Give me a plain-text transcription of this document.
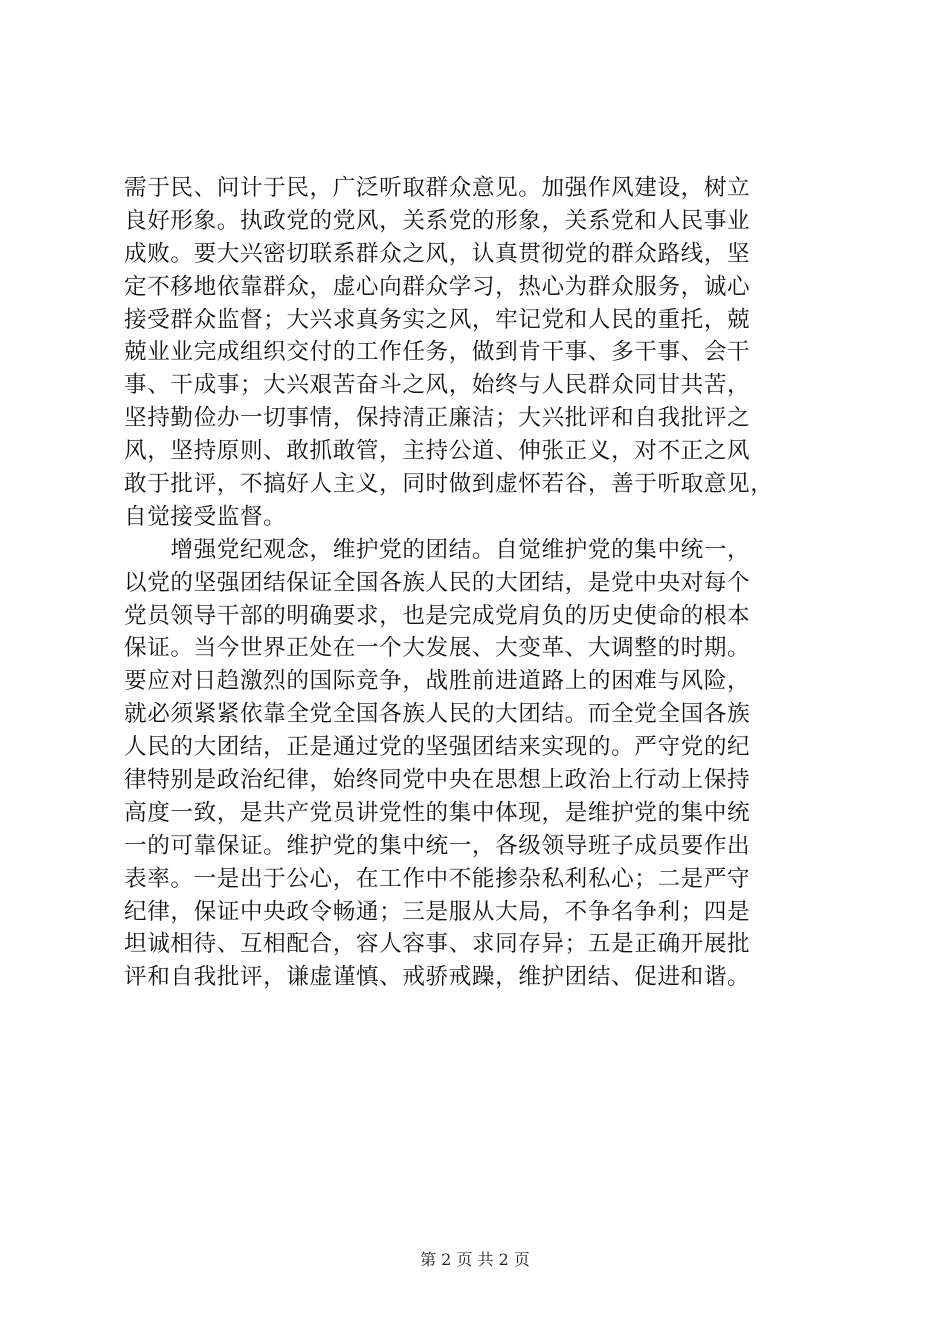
需于民、问计于民，广泛听取群众意见。加强作风建设，树立
良好形象。执政党的党风，关系党的形象，关系党和人民事业
成败。要大兴密切联系群众之风，认真贯彻党的群众路线，坚
定不移地依靠群众，虚心向群众学习，热心为群众服务，诚心
接受群众监督；大兴求真务实之风，牢记党和人民的重托，兢
兢业业完成组织交付的工作任务，做到肯干事、多干事、会干
事、干成事；大兴艰苦奋斗之风，始终与人民群众同甘共苦，
坚持勤俭办一切事情，保持清正廉洁；大兴批评和自我批评之
风，坚持原则、敢抓敢管，主持公道、伸张正义，对不正之风
敢于批评，不搞好人主义，同时做到虚怀若谷，善于听取意见，
自觉接受监督。
　　增强党纪观念，维护党的团结。自觉维护党的集中统一，
以党的坚强团结保证全国各族人民的大团结，是党中央对每个
党员领导干部的明确要求，也是完成党肩负的历史使命的根本
保证。当今世界正处在一个大发展、大变革、大调整的时期。
要应对日趋激烈的国际竞争，战胜前进道路上的困难与风险，
就必须紧紧依靠全党全国各族人民的大团结。而全党全国各族
人民的大团结，正是通过党的坚强团结来实现的。严守党的纪
律特别是政治纪律，始终同党中央在思想上政治上行动上保持
高度一致，是共产党员讲党性的集中体现，是维护党的集中统
一的可靠保证。维护党的集中统一，各级领导班子成员要作出
表率。一是出于公心，在工作中不能掺杂私利私心；二是严守
纪律，保证中央政令畅通；三是服从大局，不争名争利；四是
坦诚相待、互相配合，容人容事、求同存异；五是正确开展批
评和自我批评，谦虚谨慎、戒骄戒躁，维护团结、促进和谐。
第 2 页 共 2 页
